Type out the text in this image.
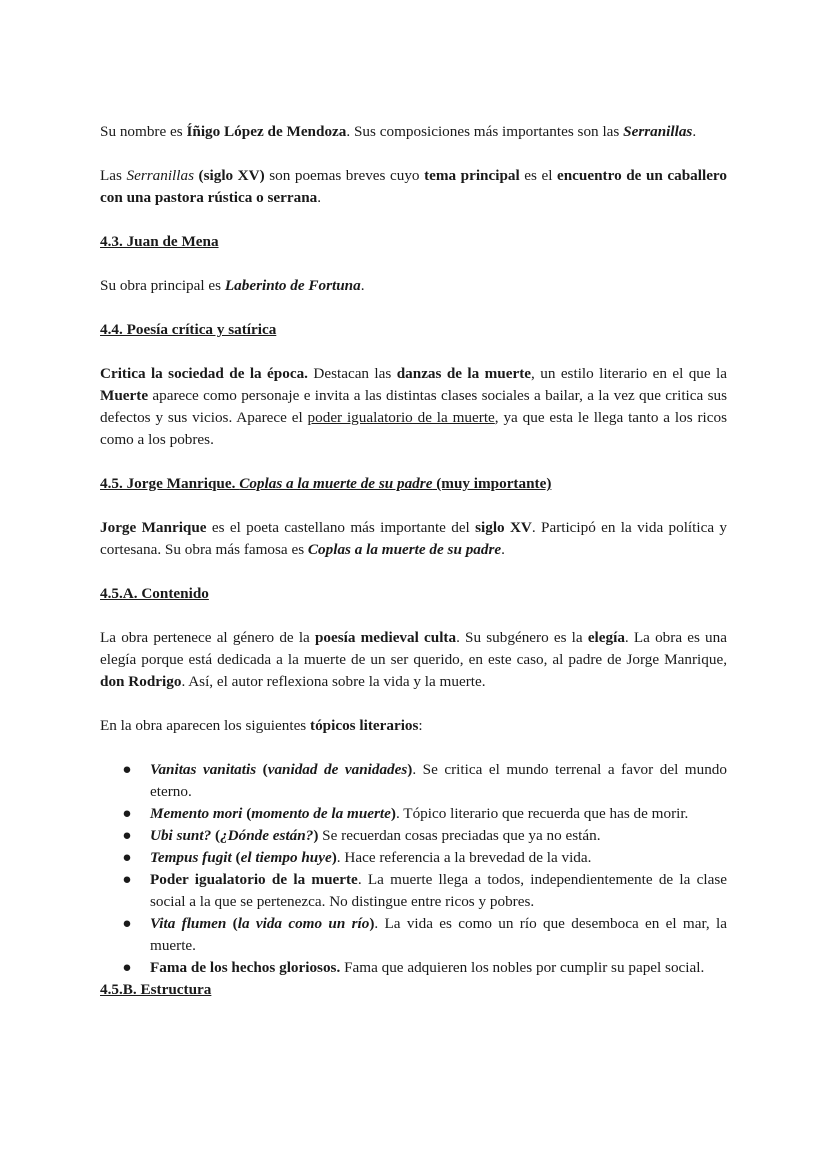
Su nombre es Íñigo López de Mendoza. Sus composiciones más importantes son las Serranillas.

Las Serranillas (siglo XV) son poemas breves cuyo tema principal es el encuentro de un caballero con una pastora rústica o serrana.

4.3. Juan de Mena

Su obra principal es Laberinto de Fortuna.

4.4. Poesía crítica y satírica

Critica la sociedad de la época. Destacan las danzas de la muerte, un estilo literario en el que la Muerte aparece como personaje e invita a las distintas clases sociales a bailar, a la vez que critica sus defectos y sus vicios. Aparece el poder igualatorio de la muerte, ya que esta le llega tanto a los ricos como a los pobres.

4.5. Jorge Manrique. Coplas a la muerte de su padre (muy importante)

Jorge Manrique es el poeta castellano más importante del siglo XV. Participó en la vida política y cortesana. Su obra más famosa es Coplas a la muerte de su padre.

4.5.A. Contenido

La obra pertenece al género de la poesía medieval culta. Su subgénero es la elegía. La obra es una elegía porque está dedicada a la muerte de un ser querido, en este caso, al padre de Jorge Manrique, don Rodrigo. Así, el autor reflexiona sobre la vida y la muerte.

En la obra aparecen los siguientes tópicos literarios:

● Vanitas vanitatis (vanidad de vanidades). Se critica el mundo terrenal a favor del mundo eterno.
● Memento mori (momento de la muerte). Tópico literario que recuerda que has de morir.
● Ubi sunt? (¿Dónde están?) Se recuerdan cosas preciadas que ya no están.
● Tempus fugit (el tiempo huye). Hace referencia a la brevedad de la vida.
● Poder igualatorio de la muerte. La muerte llega a todos, independientemente de la clase social a la que se pertenezca. No distingue entre ricos y pobres.
● Vita flumen (la vida como un río). La vida es como un río que desemboca en el mar, la muerte.
● Fama de los hechos gloriosos. Fama que adquieren los nobles por cumplir su papel social.
4.5.B. Estructura
